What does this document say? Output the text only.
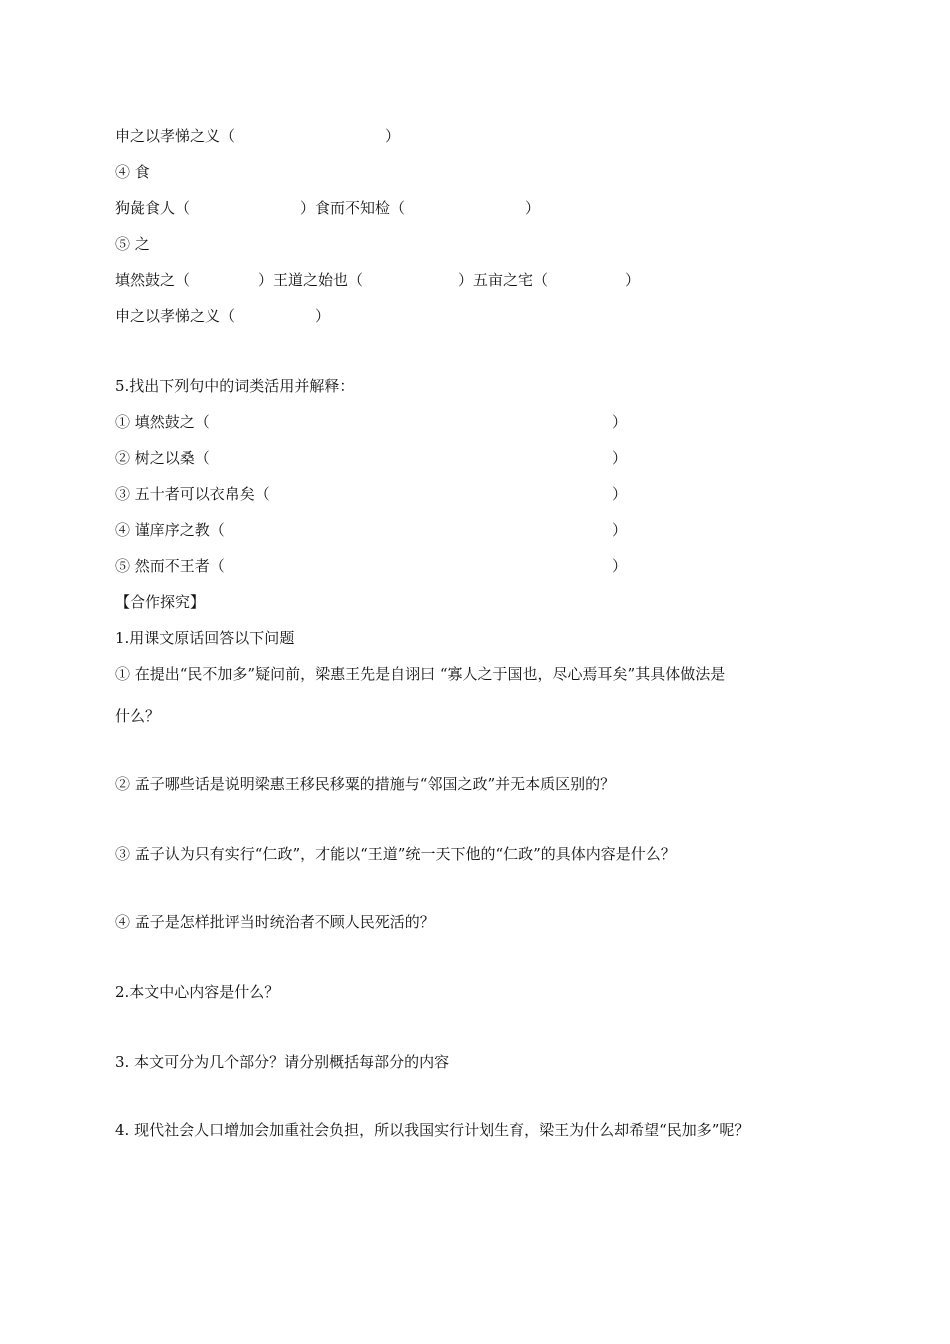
申之以孝悌之义（	）
④ 食
狗彘食人（	） 食而不知检（	）
⑤ 之
填然鼓之（	） 王道之始也（	） 五亩之宅（	）
申之以孝悌之义（	）
5.找出下列句中的词类活用并解释：
① 填然鼓之（	）
② 树之以桑（	）
③ 五十者可以衣帛矣（	）
④ 谨庠序之教（	）
⑤ 然而不王者（	）
【合作探究】
1.用课文原话回答以下问题
① 在提出“民不加多”疑问前，梁惠王先是自诩曰 “寡人之于国也，尽心焉耳矣”其具体做法是
什么？
② 孟子哪些话是说明梁惠王移民移粟的措施与“邻国之政”并无本质区别的？
③ 孟子认为只有实行“仁政”，才能以“王道”统一天下他的“仁政”的具体内容是什么？
④ 孟子是怎样批评当时统治者不顾人民死活的？
2.本文中心内容是什么？
3. 本文可分为几个部分？请分别概括每部分的内容
4. 现代社会人口增加会加重社会负担，所以我国实行计划生育，梁王为什么却希望“民加多”呢？
